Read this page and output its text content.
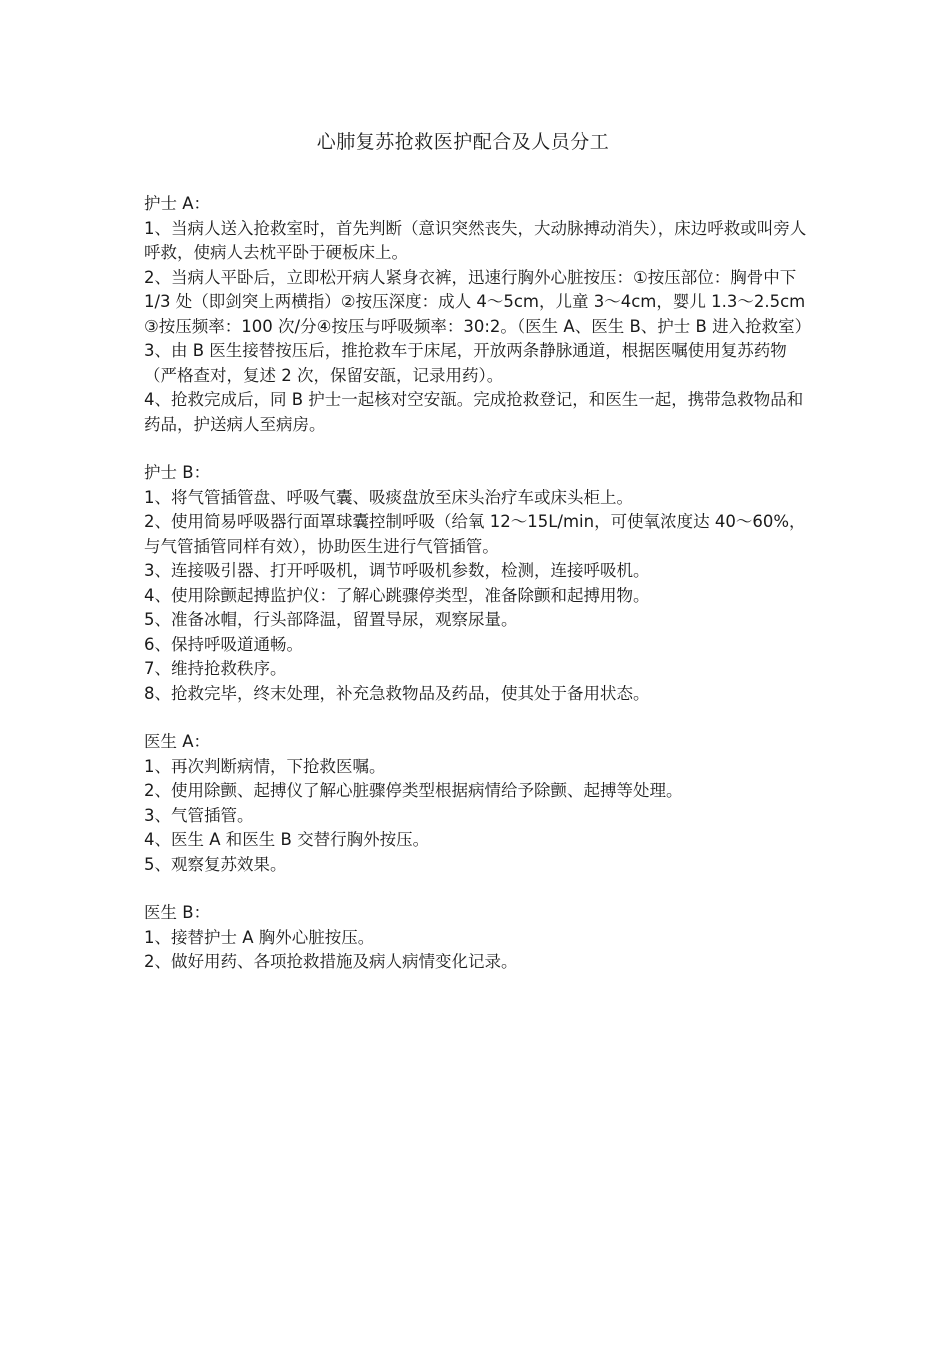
心肺复苏抢救医护配合及人员分工
护士 A：
1、当病人送入抢救室时，首先判断（意识突然丧失，大动脉搏动消失），床边呼救或叫旁人呼救，使病人去枕平卧于硬板床上。
2、当病人平卧后，立即松开病人紧身衣裤，迅速行胸外心脏按压：①按压部位：胸骨中下 1/3 处（即剑突上两横指）②按压深度：成人 4～5cm，儿童 3～4cm，婴儿 1.3～2.5cm③按压频率：100 次/分④按压与呼吸频率：30:2。（医生 A、医生 B、护士 B 进入抢救室）
3、由 B 医生接替按压后，推抢救车于床尾，开放两条静脉通道，根据医嘱使用复苏药物（严格查对，复述 2 次，保留安瓿，记录用药）。
4、抢救完成后，同 B 护士一起核对空安瓿。完成抢救登记，和医生一起，携带急救物品和药品，护送病人至病房。
护士 B：
1、将气管插管盘、呼吸气囊、吸痰盘放至床头治疗车或床头柜上。
2、使用简易呼吸器行面罩球囊控制呼吸（给氧 12～15L/min，可使氧浓度达 40～60%，与气管插管同样有效），协助医生进行气管插管。
3、连接吸引器、打开呼吸机，调节呼吸机参数，检测，连接呼吸机。
4、使用除颤起搏监护仪：了解心跳骤停类型，准备除颤和起搏用物。
5、准备冰帽，行头部降温，留置导尿，观察尿量。
6、保持呼吸道通畅。
7、维持抢救秩序。
8、抢救完毕，终末处理，补充急救物品及药品，使其处于备用状态。
医生 A：
1、再次判断病情，下抢救医嘱。
2、使用除颤、起搏仪了解心脏骤停类型根据病情给予除颤、起搏等处理。
3、气管插管。
4、医生 A 和医生 B 交替行胸外按压。
5、观察复苏效果。
医生 B：
1、接替护士 A 胸外心脏按压。
2、做好用药、各项抢救措施及病人病情变化记录。
